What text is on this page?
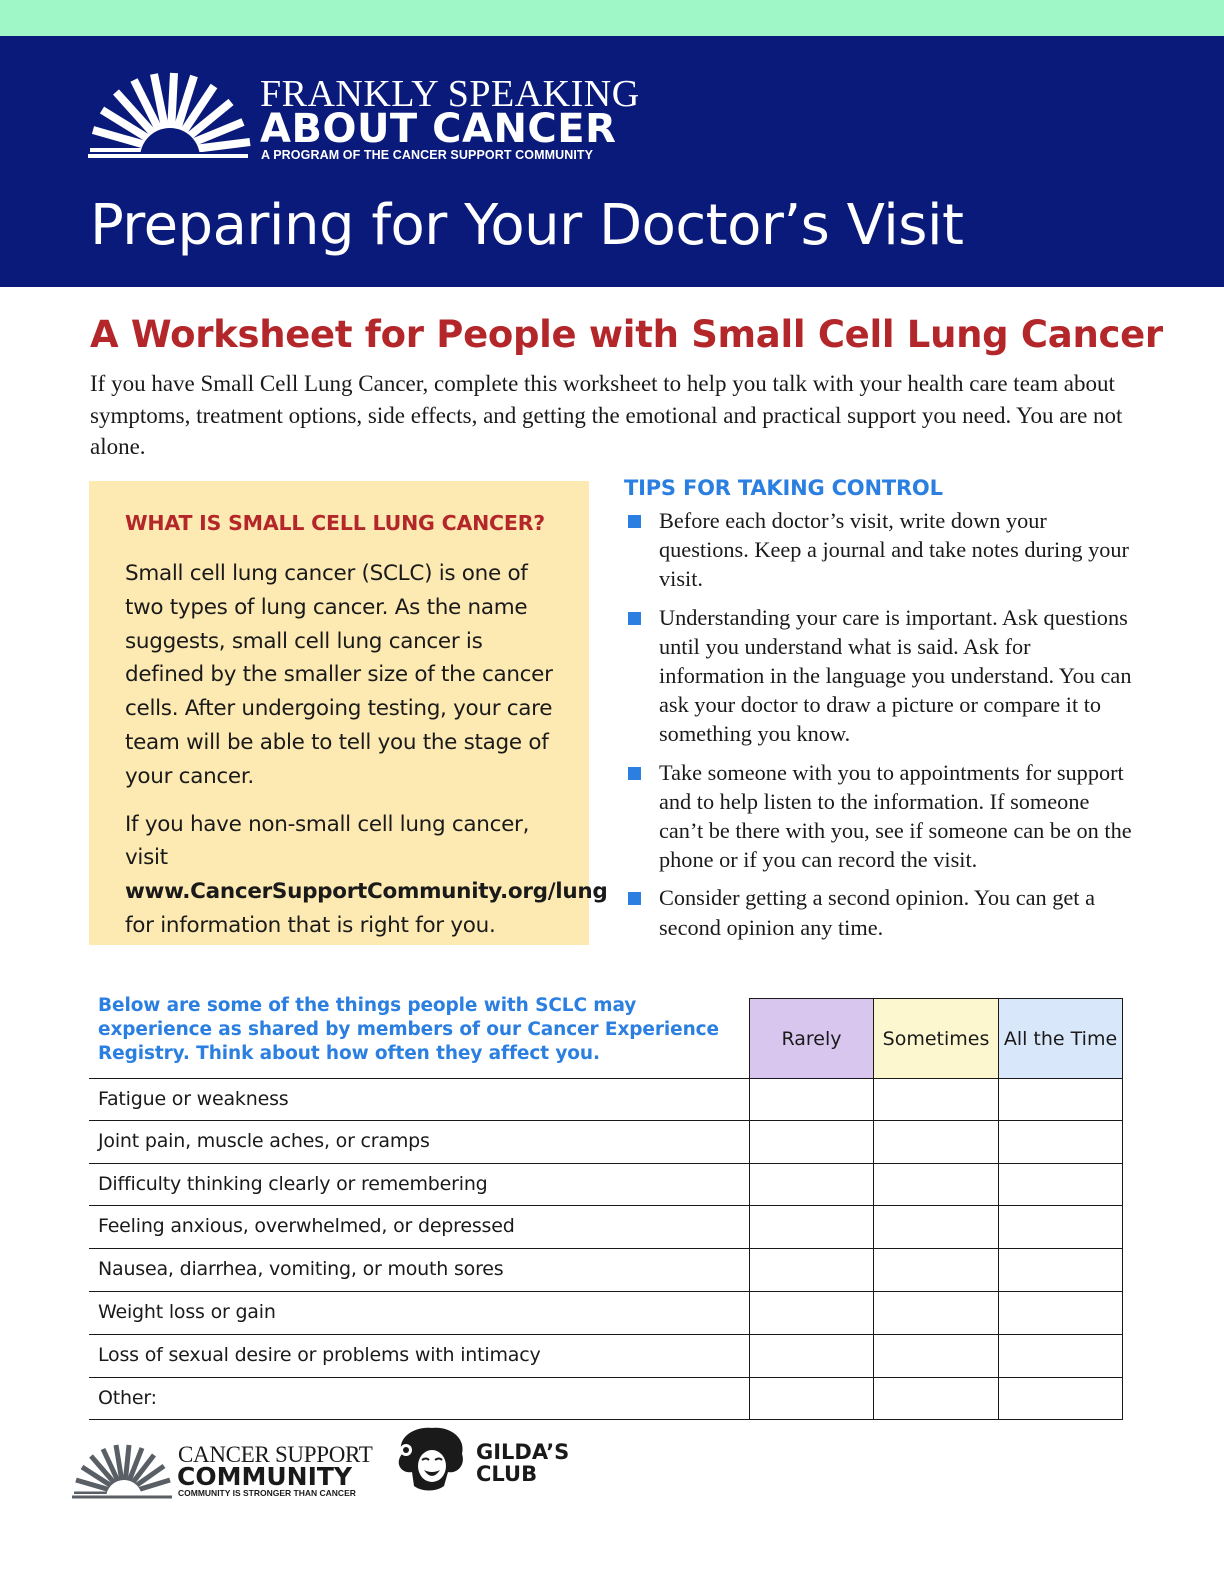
FRANKLY SPEAKING
ABOUT CANCER
A PROGRAM OF THE CANCER SUPPORT COMMUNITY
Preparing for Your Doctor’s Visit
A Worksheet for People with Small Cell Lung Cancer

If you have Small Cell Lung Cancer, complete this worksheet to help you talk with your health care team about symptoms, treatment options, side effects, and getting the emotional and practical support you need. You are not alone.

WHAT IS SMALL CELL LUNG CANCER?

Small cell lung cancer (SCLC) is one of two types of lung cancer. As the name suggests, small cell lung cancer is defined by the smaller size of the cancer cells. After undergoing testing, your care team will be able to tell you the stage of your cancer.

If you have non-small cell lung cancer, visit
www.CancerSupportCommunity.org/lung
for information that is right for you.

TIPS FOR TAKING CONTROL
Before each doctor’s visit, write down your questions. Keep a journal and take notes during your visit.
Understanding your care is important. Ask questions until you understand what is said. Ask for information in the language you understand. You can ask your doctor to draw a picture or compare it to something you know.
Take someone with you to appointments for support and to help listen to the information. If someone can’t be there with you, see if someone can be on the phone or if you can record the visit.
Consider getting a second opinion. You can get a second opinion any time.

Below are some of the things people with SCLC may experience as shared by members of our Cancer Experience Registry. Think about how often they affect you.

Rarely	Sometimes All the Time
Fatigue or weakness
Joint pain, muscle aches, or cramps
Difficulty thinking clearly or remembering
Feeling anxious, overwhelmed, or depressed
Nausea, diarrhea, vomiting, or mouth sores
Weight loss or gain
Loss of sexual desire or problems with intimacy
Other:
CANCER SUPPORT
COMMUNITY
COMMUNITY IS STRONGER THAN CANCER
GILDA’S
CLUB
